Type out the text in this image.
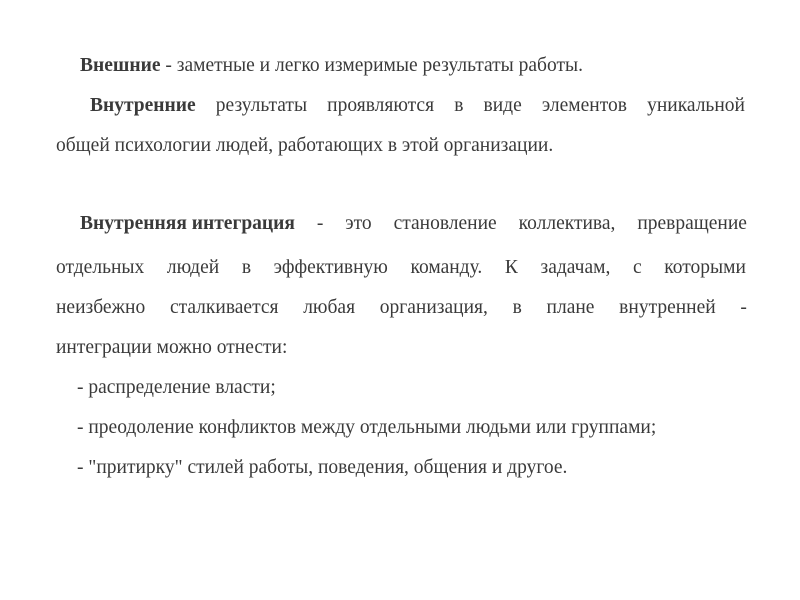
Внешние - заметные и легко измеримые результаты работы.
Внутренние результаты проявляются в виде элементов уникальной
общей психологии людей, работающих в этой организации.
Внутренняя интеграция - это становление коллектива, превращение
отдельных людей в эффективную команду. К задачам, с которыми
неизбежно сталкивается любая организация, в плане внутренней -
интеграции можно отнести:
- распределение власти;
- преодоление конфликтов между отдельными людьми или группами;
- "притирку" стилей работы, поведения, общения и другое.
